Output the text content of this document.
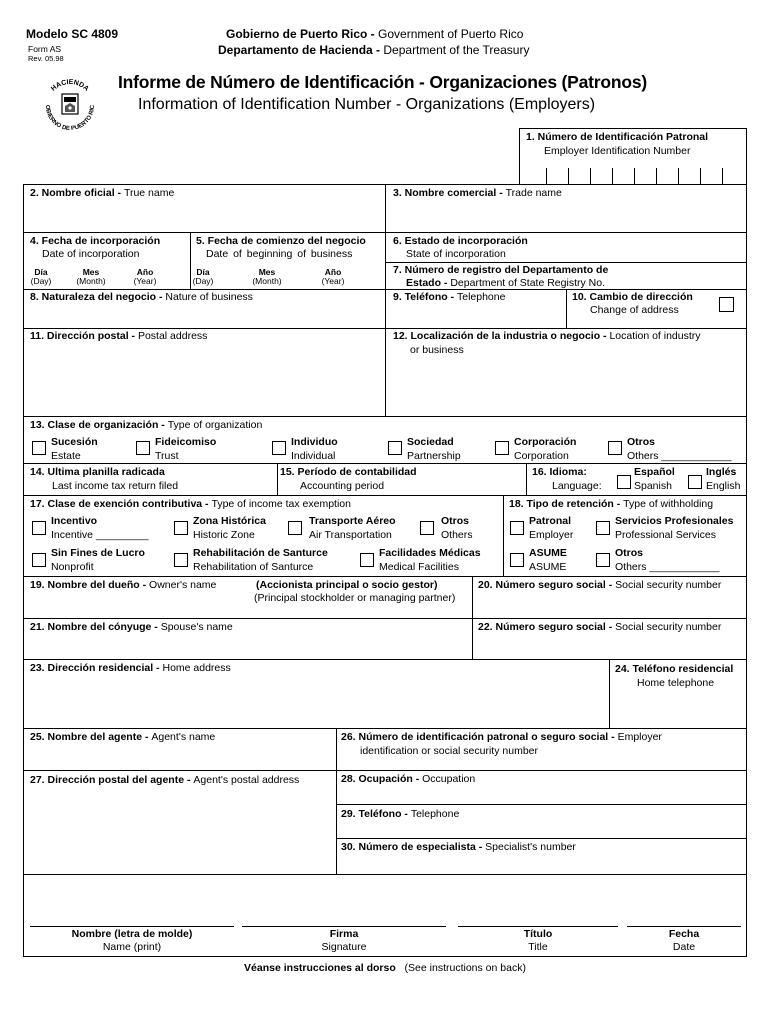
Modelo SC 4809
Form AS
Rev. 05.98
Gobierno de Puerto Rico - Government of Puerto Rico
Departamento de Hacienda - Department of the Treasury
HACIENDA
OBIERNO DE PUERTO RIC
Informe de Número de Identificación - Organizaciones (Patronos)
Information of Identification Number - Organizations (Employers)
1. Número de Identificación Patronal
Employer Identification Number
2. Nombre oficial - True name	3. Nombre comercial - Trade name
4. Fecha de incorporación
Date of incorporation
Día
(Day)
Mes
(Month)
Año
(Year)
5. Fecha de comienzo del negocio
Date of beginning of business
Día
(Day)
Mes
(Month)
Año
(Year)
6. Estado de incorporación
State of incorporation
7. Número de registro del Departamento de
Estado - Department of State Registry No.
8. Naturaleza del negocio - Nature of business	9. Teléfono - Telephone	10. Cambio de dirección
Change of address
11. Dirección postal - Postal address	12. Localización de la industria o negocio - Location of industry
or business
13. Clase de organización - Type of organization
Sucesión
Estate
Fideicomiso
Trust
Individuo
Individual
Sociedad
Partnership
Corporación
Corporation
Otros
Others ____________
14. Ultima planilla radicada
Last income tax return filed
15. Período de contabilidad
Accounting period
16. Idioma:
Language:
Español
Spanish
Inglés
English
17. Clase de exención contributiva - Type of income tax exemption
Incentivo
Incentive _________
Zona Histórica
Historic Zone
Transporte Aéreo
Air Transportation
Otros
Others
Sin Fines de Lucro
Nonprofit
Rehabilitación de Santurce
Rehabilitation of Santurce
Facilidades Médicas
Medical Facilities
18. Tipo de retención - Type of withholding
Patronal
Employer
Servicios Profesionales
Professional Services
ASUME
ASUME
Otros
Others ____________
19. Nombre del dueño - Owner's name	(Accionista principal o socio gestor)
(Principal stockholder or managing partner)
20. Número seguro social - Social security number
21. Nombre del cónyuge - Spouse's name	22. Número seguro social - Social security number
23. Dirección residencial - Home address	24. Teléfono residencial
Home telephone
25. Nombre del agente - Agent's name	26. Número de identificación patronal o seguro social - Employer
identification or social security number
27. Dirección postal del agente - Agent's postal address	28. Ocupación - Occupation
29. Teléfono - Telephone
30. Número de especialista - Specialist's number
Nombre (letra de molde)
Name (print)
Firma
Signature
Título
Title
Fecha
Date
Véanse instrucciones al dorso (See instructions on back)
